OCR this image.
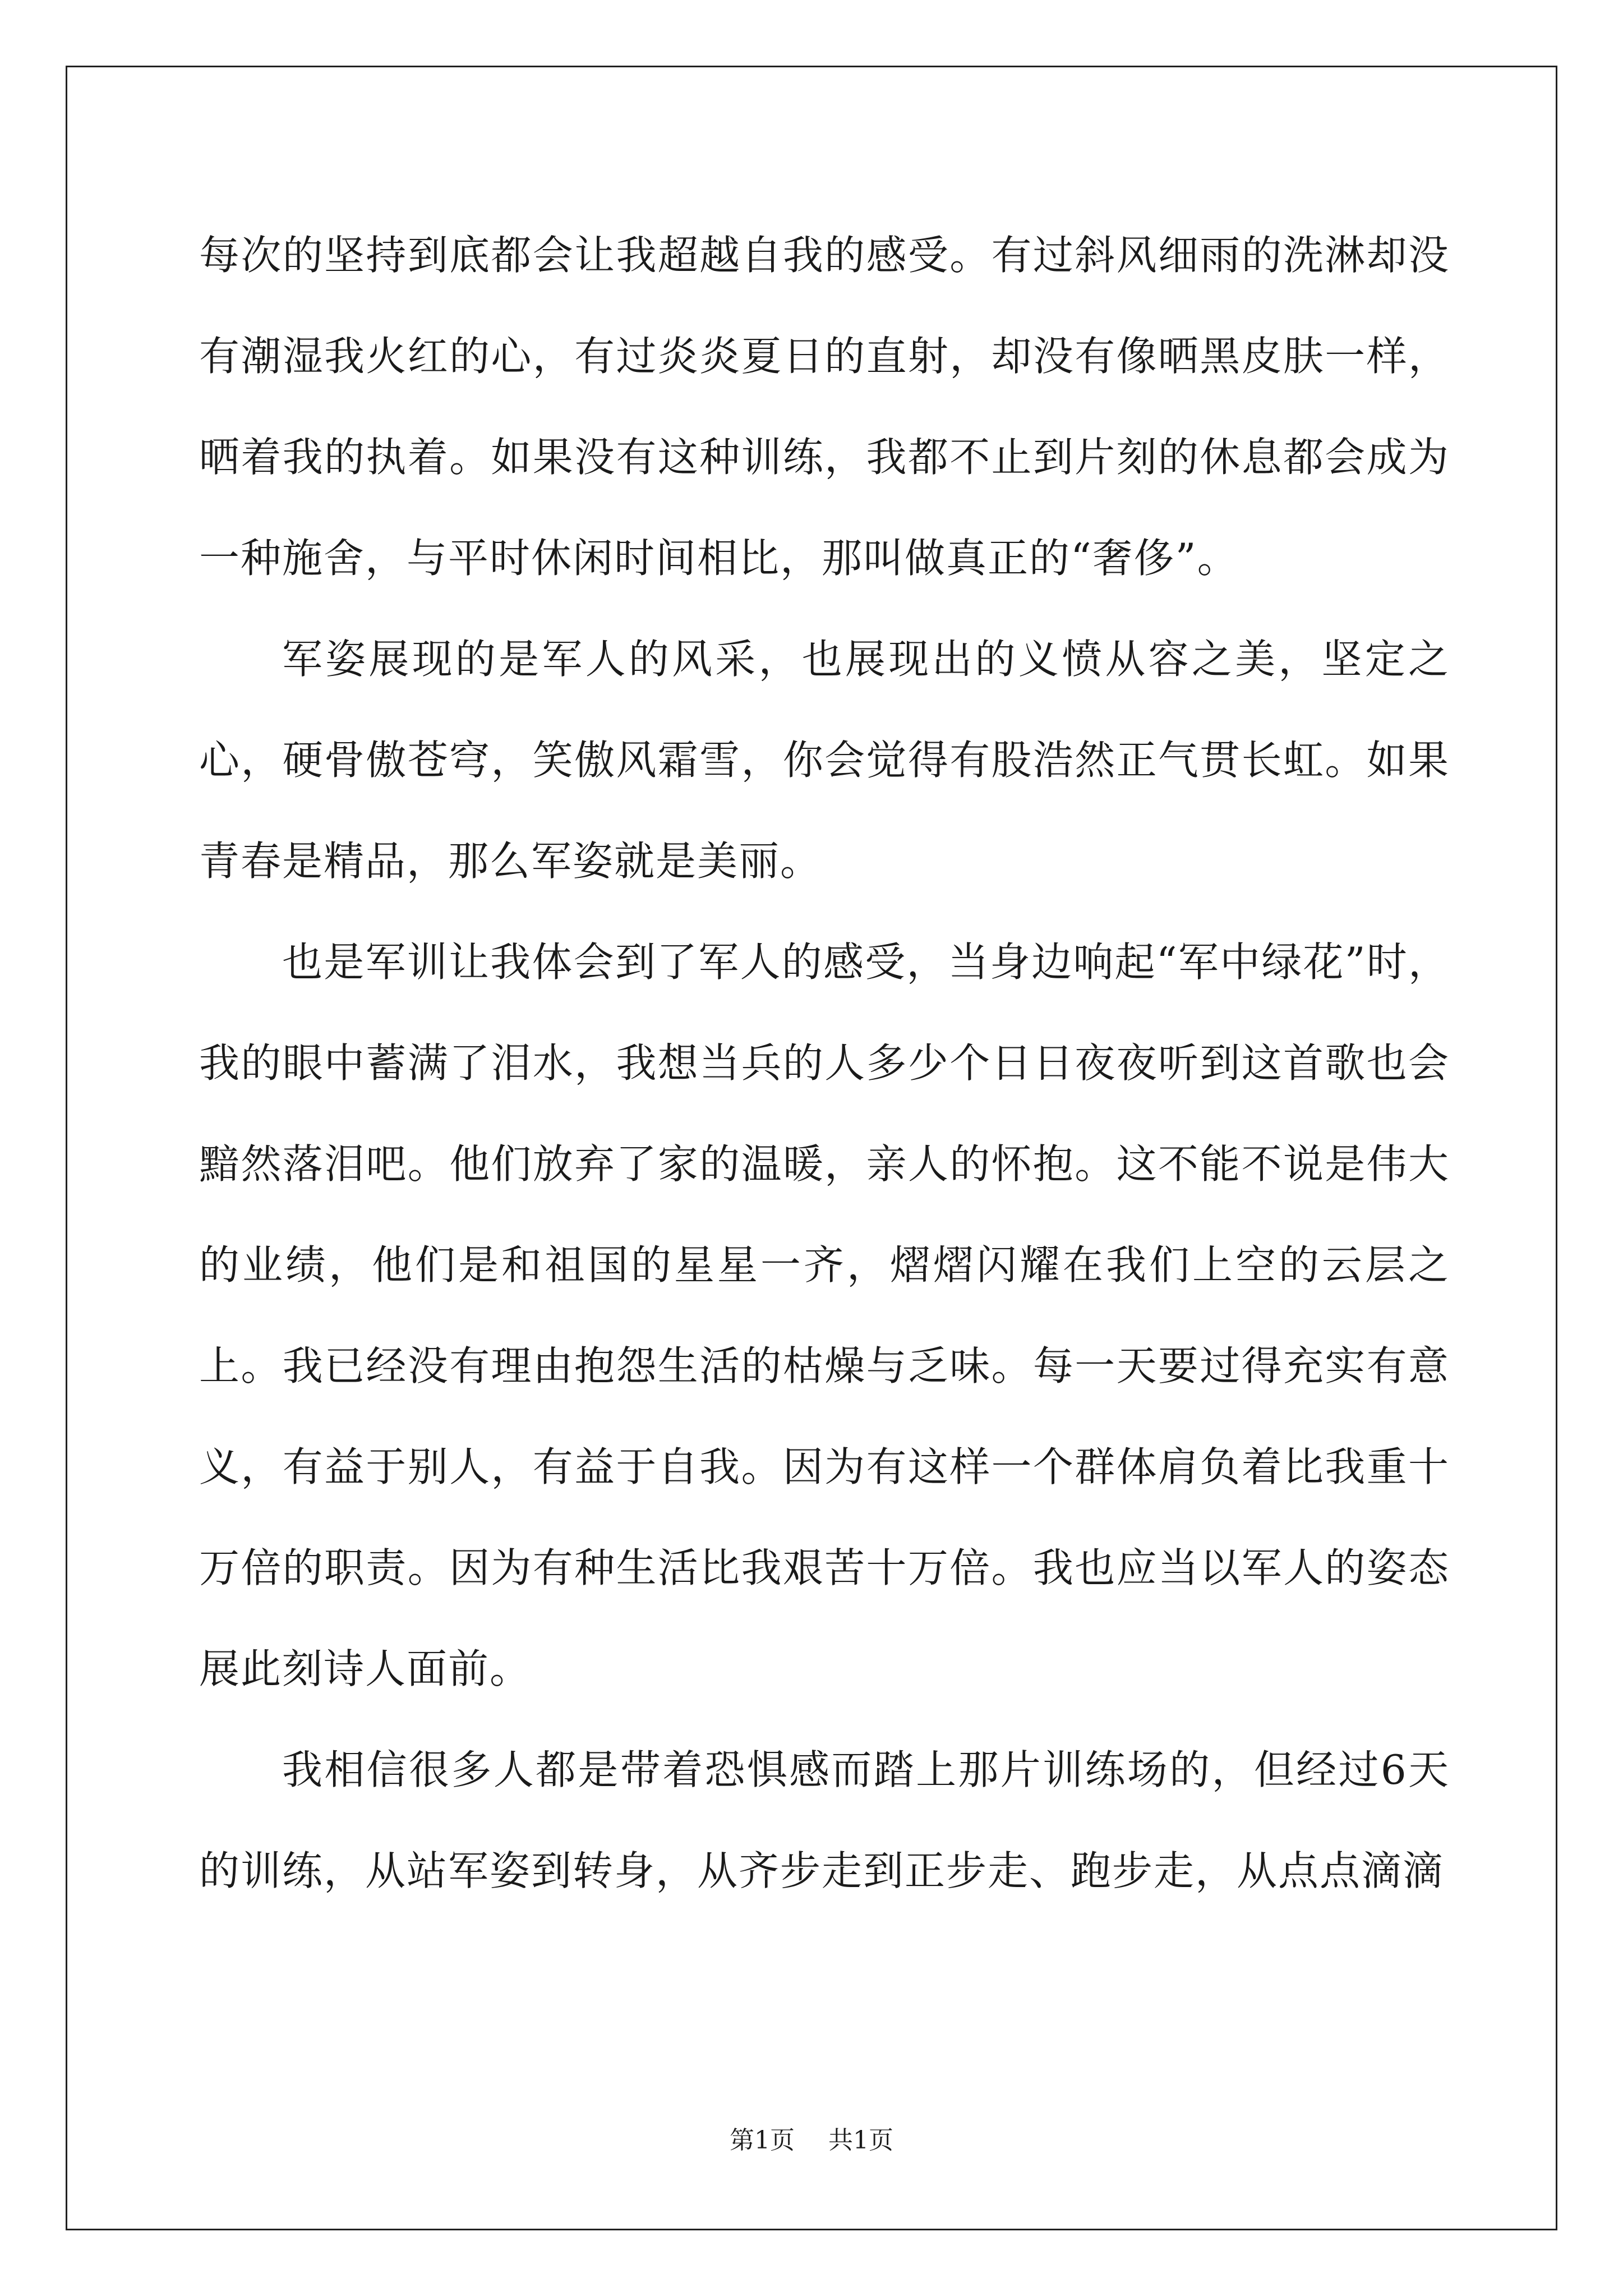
每次的坚持到底都会让我超越自我的感受。有过斜风细雨的洗淋却没有潮湿我火红的心，有过炎炎夏日的直射，却没有像晒黑皮肤一样，晒着我的执着。如果没有这种训练，我都不止到片刻的休息都会成为一种施舍，与平时休闲时间相比，那叫做真正的“奢侈”。

军姿展现的是军人的风采，也展现出的义愤从容之美，坚定之心，硬骨傲苍穹，笑傲风霜雪，你会觉得有股浩然正气贯长虹。如果青春是精品，那么军姿就是美丽。

也是军训让我体会到了军人的感受，当身边响起“军中绿花”时，我的眼中蓄满了泪水，我想当兵的人多少个日日夜夜听到这首歌也会黯然落泪吧。他们放弃了家的温暖，亲人的怀抱。这不能不说是伟大的业绩，他们是和祖国的星星一齐，熠熠闪耀在我们上空的云层之上。我已经没有理由抱怨生活的枯燥与乏味。每一天要过得充实有意义，有益于别人，有益于自我。因为有这样一个群体肩负着比我重十万倍的职责。因为有种生活比我艰苦十万倍。我也应当以军人的姿态展此刻诗人面前。

我相信很多人都是带着恐惧感而踏上那片训练场的，但经过6天的训练，从站军姿到转身，从齐步走到正步走、跑步走，从点点滴滴

第1页 共1页
